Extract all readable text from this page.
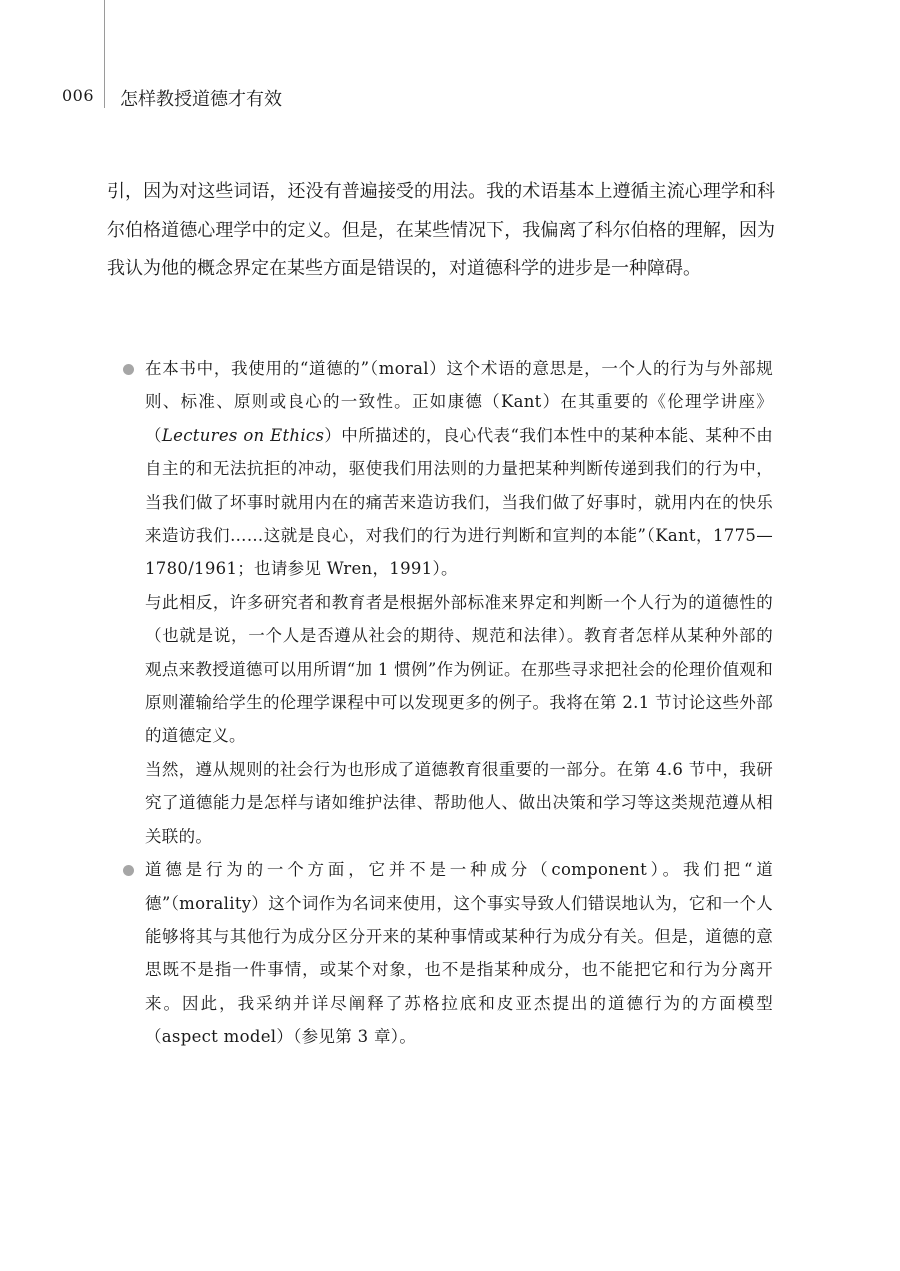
006 怎样教授道德才有效

引，因为对这些词语，还没有普遍接受的用法。我的术语基本上遵循主流心理学和科尔伯格道德心理学中的定义。但是，在某些情况下，我偏离了科尔伯格的理解，因为我认为他的概念界定在某些方面是错误的，对道德科学的进步是一种障碍。

在本书中，我使用的“道德的”（moral）这个术语的意思是，一个人的行为与外部规则、标准、原则或良心的一致性。正如康德（Kant）在其重要的《伦理学讲座》（Lectures on Ethics）中所描述的，良心代表“我们本性中的某种本能、某种不由自主的和无法抗拒的冲动，驱使我们用法则的力量把某种判断传递到我们的行为中，当我们做了坏事时就用内在的痛苦来造访我们，当我们做了好事时，就用内在的快乐来造访我们……这就是良心，对我们的行为进行判断和宣判的本能”（Kant，1775—1780/1961；也请参见 Wren，1991）。

与此相反，许多研究者和教育者是根据外部标准来界定和判断一个人行为的道德性的（也就是说，一个人是否遵从社会的期待、规范和法律）。教育者怎样从某种外部的观点来教授道德可以用所谓“加 1 惯例”作为例证。在那些寻求把社会的伦理价值观和原则灌输给学生的伦理学课程中可以发现更多的例子。我将在第 2.1 节讨论这些外部的道德定义。

当然，遵从规则的社会行为也形成了道德教育很重要的一部分。在第 4.6 节中，我研究了道德能力是怎样与诸如维护法律、帮助他人、做出决策和学习等这类规范遵从相关联的。

道德是行为的一个方面，它并不是一种成分（component）。我们把“道德”（morality）这个词作为名词来使用，这个事实导致人们错误地认为，它和一个人能够将其与其他行为成分区分开来的某种事情或某种行为成分有关。但是，道德的意思既不是指一件事情，或某个对象，也不是指某种成分，也不能把它和行为分离开来。因此，我采纳并详尽阐释了苏格拉底和皮亚杰提出的道德行为的方面模型（aspect model）（参见第 3 章）。
